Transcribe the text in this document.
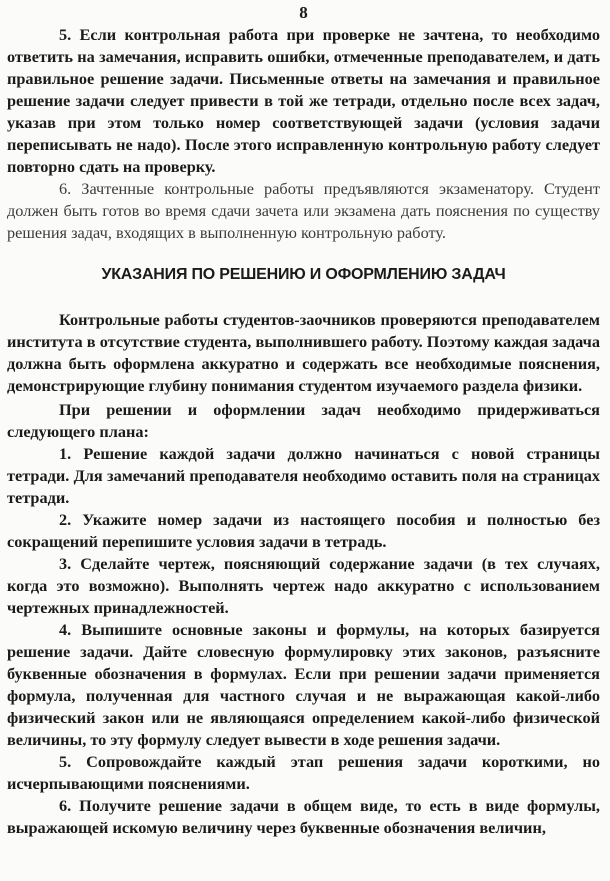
8

5. Если контрольная работа при проверке не зачтена, то необходимо ответить на замечания, исправить ошибки, отмеченные преподавателем, и дать правильное решение задачи. Письменные ответы на замечания и правильное решение задачи следует привести в той же тетради, отдельно после всех задач, указав при этом только номер соответствующей задачи (условия задачи переписывать не надо). После этого исправленную контрольную работу следует повторно сдать на проверку.

6. Зачтенные контрольные работы предъявляются экзаменатору. Студент должен быть готов во время сдачи зачета или экзамена дать пояснения по существу решения задач, входящих в выполненную контрольную работу.

УКАЗАНИЯ ПО РЕШЕНИЮ И ОФОРМЛЕНИЮ ЗАДАЧ

Контрольные работы студентов-заочников проверяются преподавателем института в отсутствие студента, выполнившего работу. Поэтому каждая задача должна быть оформлена аккуратно и содержать все необходимые пояснения, демонстрирующие глубину понимания студентом изучаемого раздела физики.

При решении и оформлении задач необходимо придерживаться следующего плана:

1. Решение каждой задачи должно начинаться с новой страницы тетради. Для замечаний преподавателя необходимо оставить поля на страницах тетради.

2. Укажите номер задачи из настоящего пособия и полностью без сокращений перепишите условия задачи в тетрадь.

3. Сделайте чертеж, поясняющий содержание задачи (в тех случаях, когда это возможно). Выполнять чертеж надо аккуратно с использованием чертежных принадлежностей.

4. Выпишите основные законы и формулы, на которых базируется решение задачи. Дайте словесную формулировку этих законов, разъясните буквенные обозначения в формулах. Если при решении задачи применяется формула, полученная для частного случая и не выражающая какой-либо физический закон или не являющаяся определением какой-либо физической величины, то эту формулу следует вывести в ходе решения задачи.

5. Сопровождайте каждый этап решения задачи короткими, но исчерпывающими пояснениями.

6. Получите решение задачи в общем виде, то есть в виде формулы, выражающей искомую величину через буквенные обозначения величин,
